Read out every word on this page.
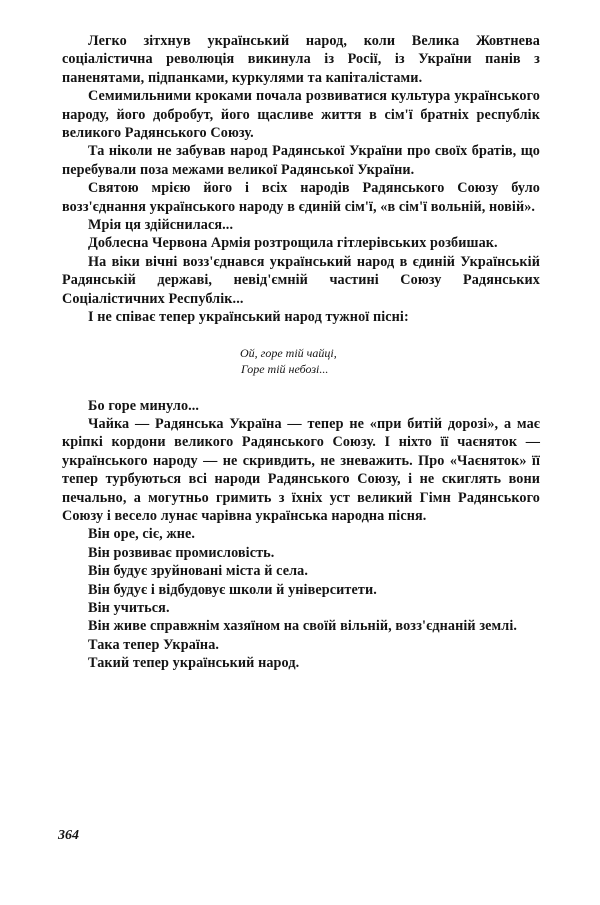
Легко зітхнув український народ, коли Велика Жовтнева соціалістична революція викинула із Росії, із України панів з паненятами, підпанками, куркулями та капіталістами.

Семимильними кроками почала розвиватися культура українського народу, його добробут, його щасливе життя в сім'ї братніх республік великого Радянського Союзу.

Та ніколи не забував народ Радянської України про своїх братів, що перебували поза межами великої Радянської України.

Святою мрією його і всіх народів Радянського Союзу було возз'єднання українського народу в єдиній сім'ї, «в сім'ї вольній, новій».

Мрія ця здійснилася...

Доблесна Червона Армія розтрощила гітлерівських розбишак.

На віки вічні возз'єднався український народ в єдиній Українській Радянській державі, невід'ємній частині Союзу Радянських Соціалістичних Республік...

І не співає тепер український народ тужної пісні:

Ой, горе тій чайці,
Горе тій небозі...

Бо горе минуло...

Чайка — Радянська Україна — тепер не «при битій дорозі», а має кріпкі кордони великого Радянського Союзу. І ніхто її чаєняток — українського народу — не скривдить, не зневажить. Про «Чаєняток» її тепер турбуються всі народи Радянського Союзу, і не скиглять вони печально, а могутньо гримить з їхніх уст великий Гімн Радянського Союзу і весело лунає чарівна українська народна пісня.

Він оре, сіє, жне.

Він розвиває промисловість.

Він будує зруйновані міста й села.

Він будує і відбудовує школи й університети.

Він учиться.

Він живе справжнім хазяїном на своїй вільній, возз'єднаній землі.

Така тепер Україна.

Такий тепер український народ.

364
